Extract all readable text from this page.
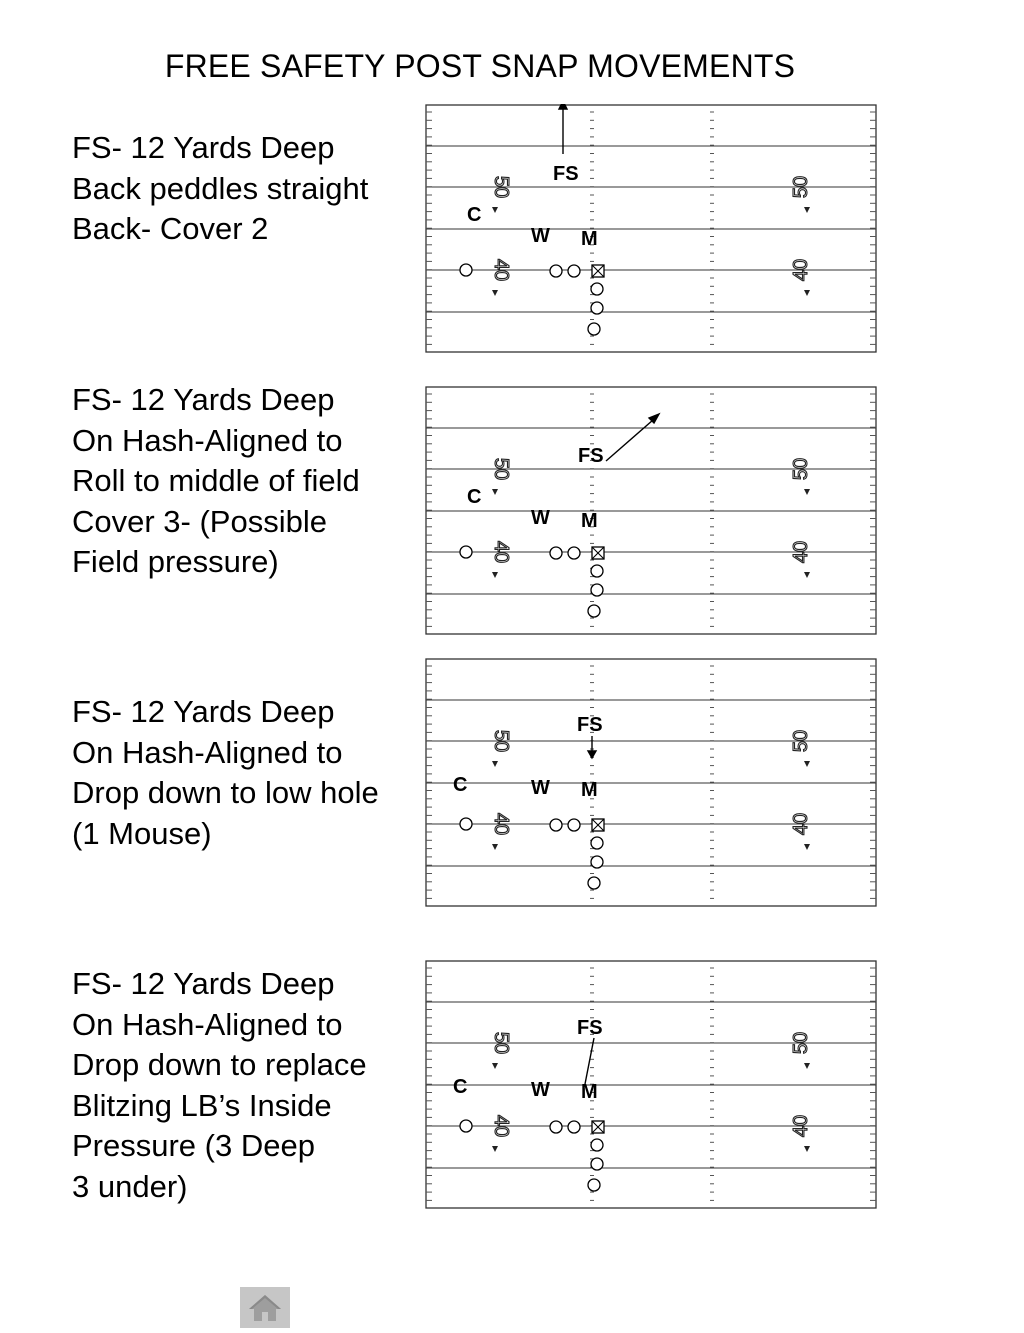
FREE SAFETY POST SNAP MOVEMENTS
FS- 12 Yards Deep
Back peddles straight
Back- Cover 2
50
40
50
40
FS
C
W M
FS- 12 Yards Deep
On Hash-Aligned to
Roll to middle of field
Cover 3- (Possible
Field pressure)
50
40
50
40
FS
C
W M
FS- 12 Yards Deep
On Hash-Aligned to
Drop down to low hole
(1 Mouse)
50
40
50
40
FS
C	W M
FS- 12 Yards Deep
On Hash-Aligned to
Drop down to replace
Blitzing LB’s Inside
Pressure (3 Deep
3 under)
50
40
50
40
FS
C	W M
